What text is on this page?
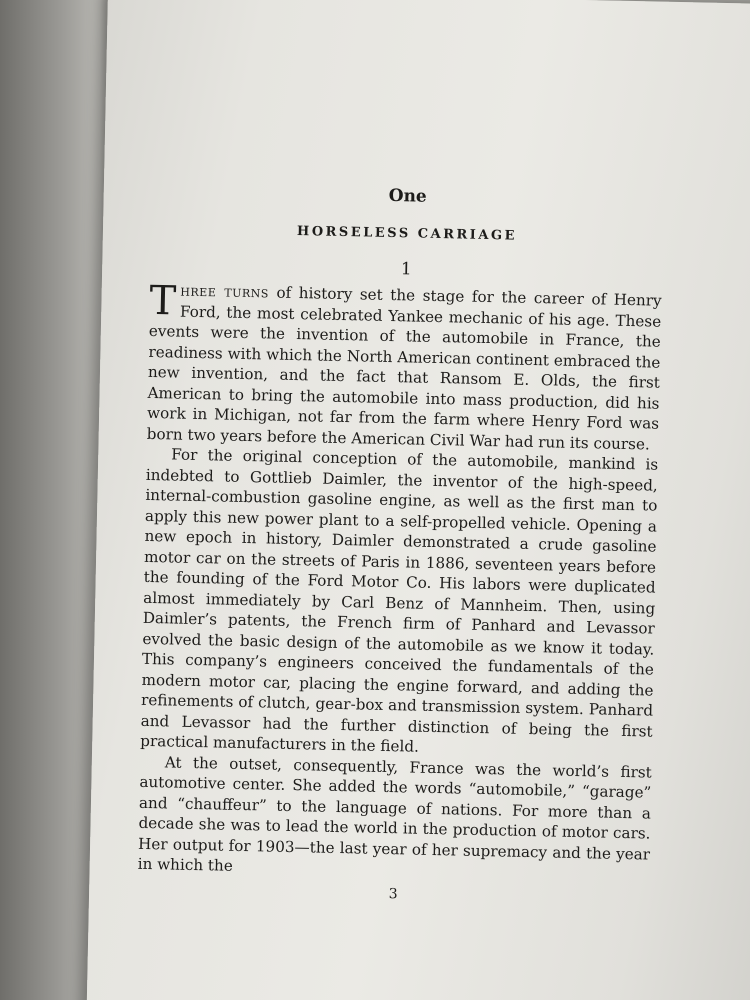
One
HORSELESS CARRIAGE
1

Three turns of history set the stage for the career of Henry Ford, the most celebrated Yankee mechanic of his age. These events were the invention of the automobile in France, the readiness with which the North American continent embraced the new invention, and the fact that Ransom E. Olds, the first American to bring the automobile into mass production, did his work in Michigan, not far from the farm where Henry Ford was born two years before the American Civil War had run its course.

For the original conception of the automobile, mankind is indebted to Gottlieb Daimler, the inventor of the high-speed, internal-combustion gasoline engine, as well as the first man to apply this new power plant to a self-propelled vehicle. Opening a new epoch in history, Daimler demonstrated a crude gasoline motor car on the streets of Paris in 1886, seventeen years before the founding of the Ford Motor Co. His labors were duplicated almost immediately by Carl Benz of Mannheim. Then, using Daimler’s patents, the French firm of Panhard and Levassor evolved the basic design of the automobile as we know it today. This company’s engineers conceived the fundamentals of the modern motor car, placing the engine forward, and adding the refinements of clutch, gear-box and transmission system. Panhard and Levassor had the further distinction of being the first practical manufacturers in the field.

At the outset, consequently, France was the world’s first automotive center. She added the words “automobile,” “garage” and “chauffeur” to the language of nations. For more than a decade she was to lead the world in the production of motor cars. Her output for 1903—the last year of her supremacy and the year in which the

3
